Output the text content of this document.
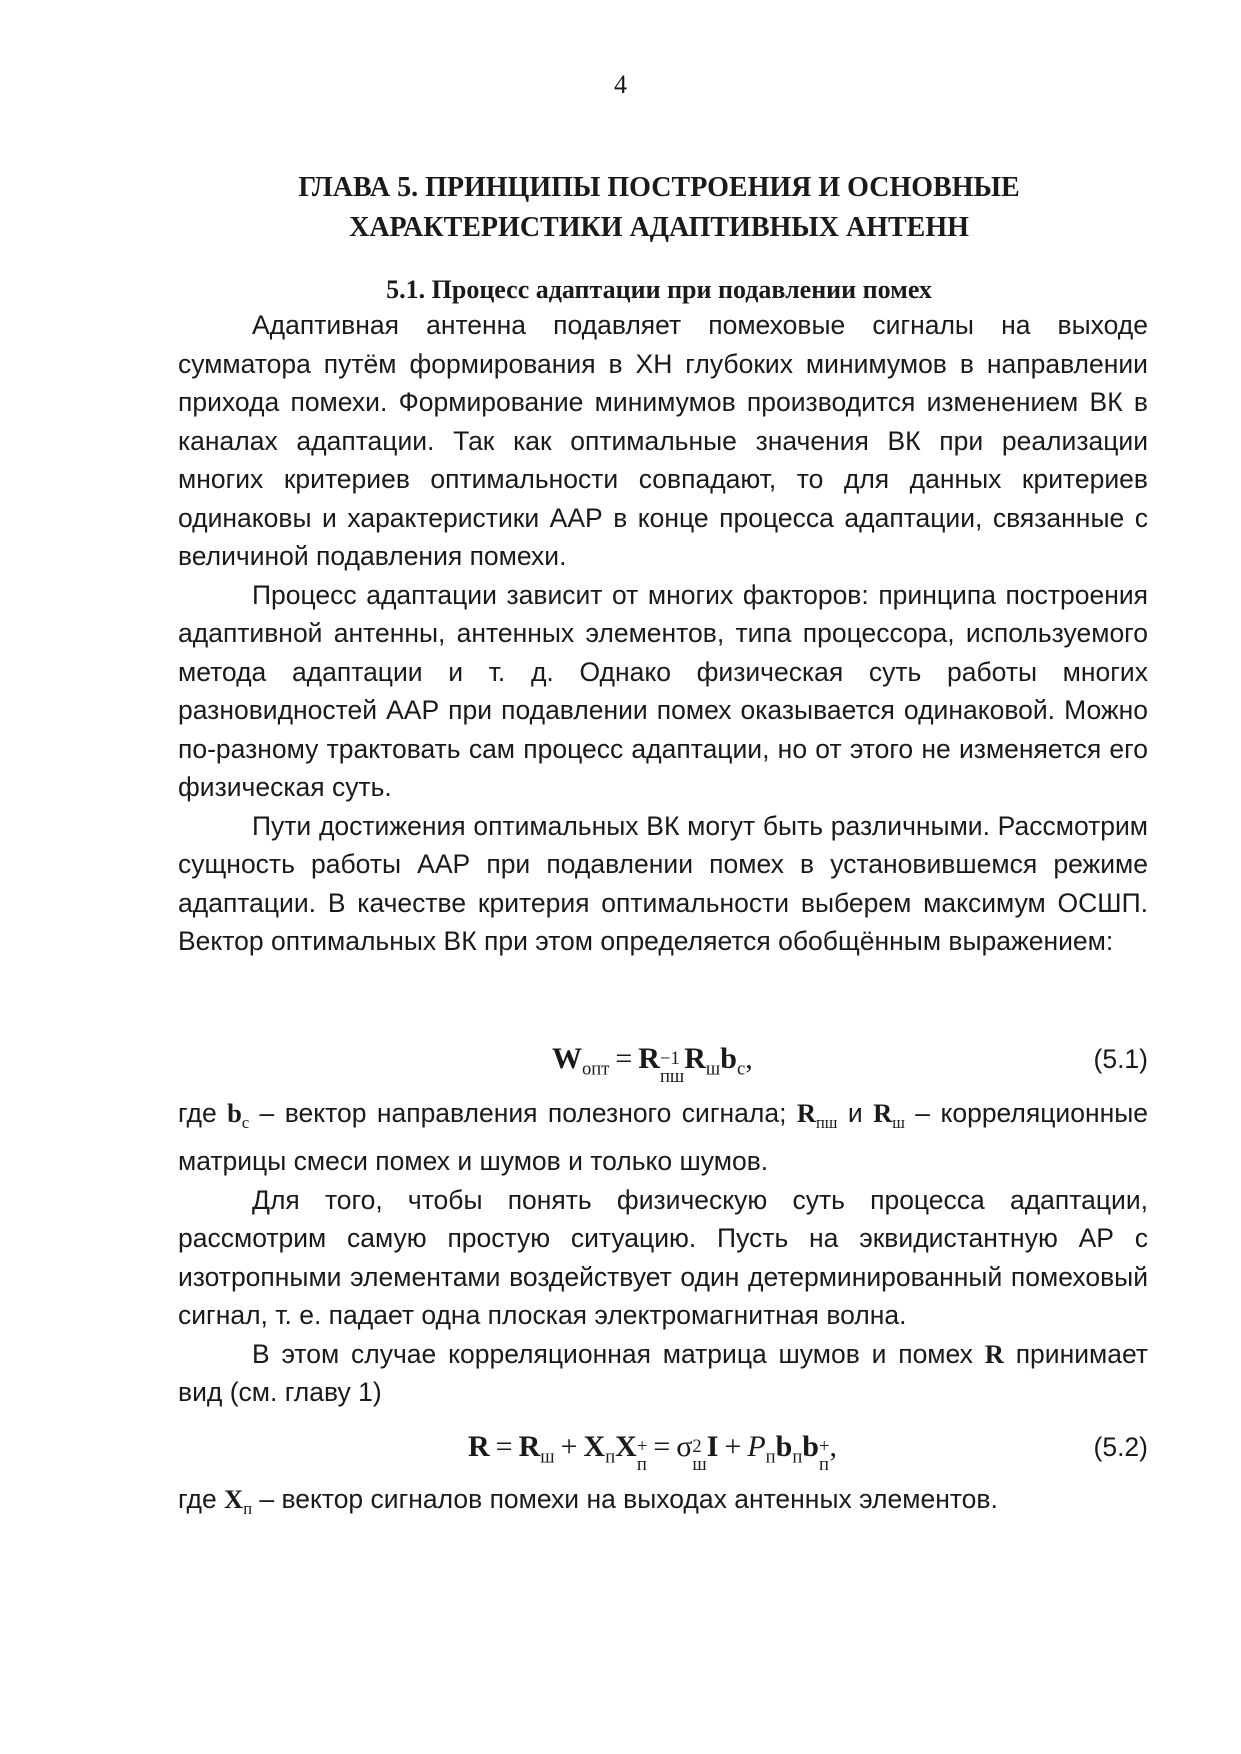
4
ГЛАВА 5. ПРИНЦИПЫ ПОСТРОЕНИЯ И ОСНОВНЫЕ
ХАРАКТЕРИСТИКИ АДАПТИВНЫХ АНТЕНН
5.1. Процесс адаптации при подавлении помех

Адаптивная антенна подавляет помеховые сигналы на выходе сумматора путём формирования в ХН глубоких минимумов в направлении прихода помехи. Формирование минимумов производится изменением ВК в каналах адаптации. Так как оптимальные значения ВК при реализации многих критериев оптимальности совпадают, то для данных критериев одинаковы и характеристики ААР в конце процесса адаптации, связанные с величиной подавления помехи.

Процесс адаптации зависит от многих факторов: принципа построения адаптивной антенны, антенных элементов, типа процессора, используемого метода адаптации и т. д. Однако физическая суть работы многих разновидностей ААР при подавлении помех оказывается одинаковой. Можно по-разному трактовать сам процесс адаптации, но от этого не изменяется его физическая суть.

Пути достижения оптимальных ВК могут быть различными. Рассмотрим сущность работы ААР при подавлении помех в установившемся режиме адаптации. В качестве критерия оптимальности выберем максимум ОСШП. Вектор оптимальных ВК при этом определяется обобщённым выражением:

$W_{опт} = R -1$
пш
$R_шb_с$,	(5.1)

где $b_с$ – вектор направления полезного сигнала; $R_{пш}$ и $R_ш$ – корреляционные матрицы смеси помех и шумов и только шумов.

Для того, чтобы понять физическую суть процесса адаптации, рассмотрим самую простую ситуацию. Пусть на эквидистантную АР с изотропными элементами воздействует один детерминированный помеховый сигнал, т. е. падает одна плоская электромагнитная волна.

В этом случае корреляционная матрица шумов и помех R принимает вид (см. главу 1)

$R = R_ш + X_пX$ +
п
= σ 2
ш
$I + P_пb_пb$ +
п
,	(5.2)

где $X_п$ – вектор сигналов помехи на выходах антенных элементов.
